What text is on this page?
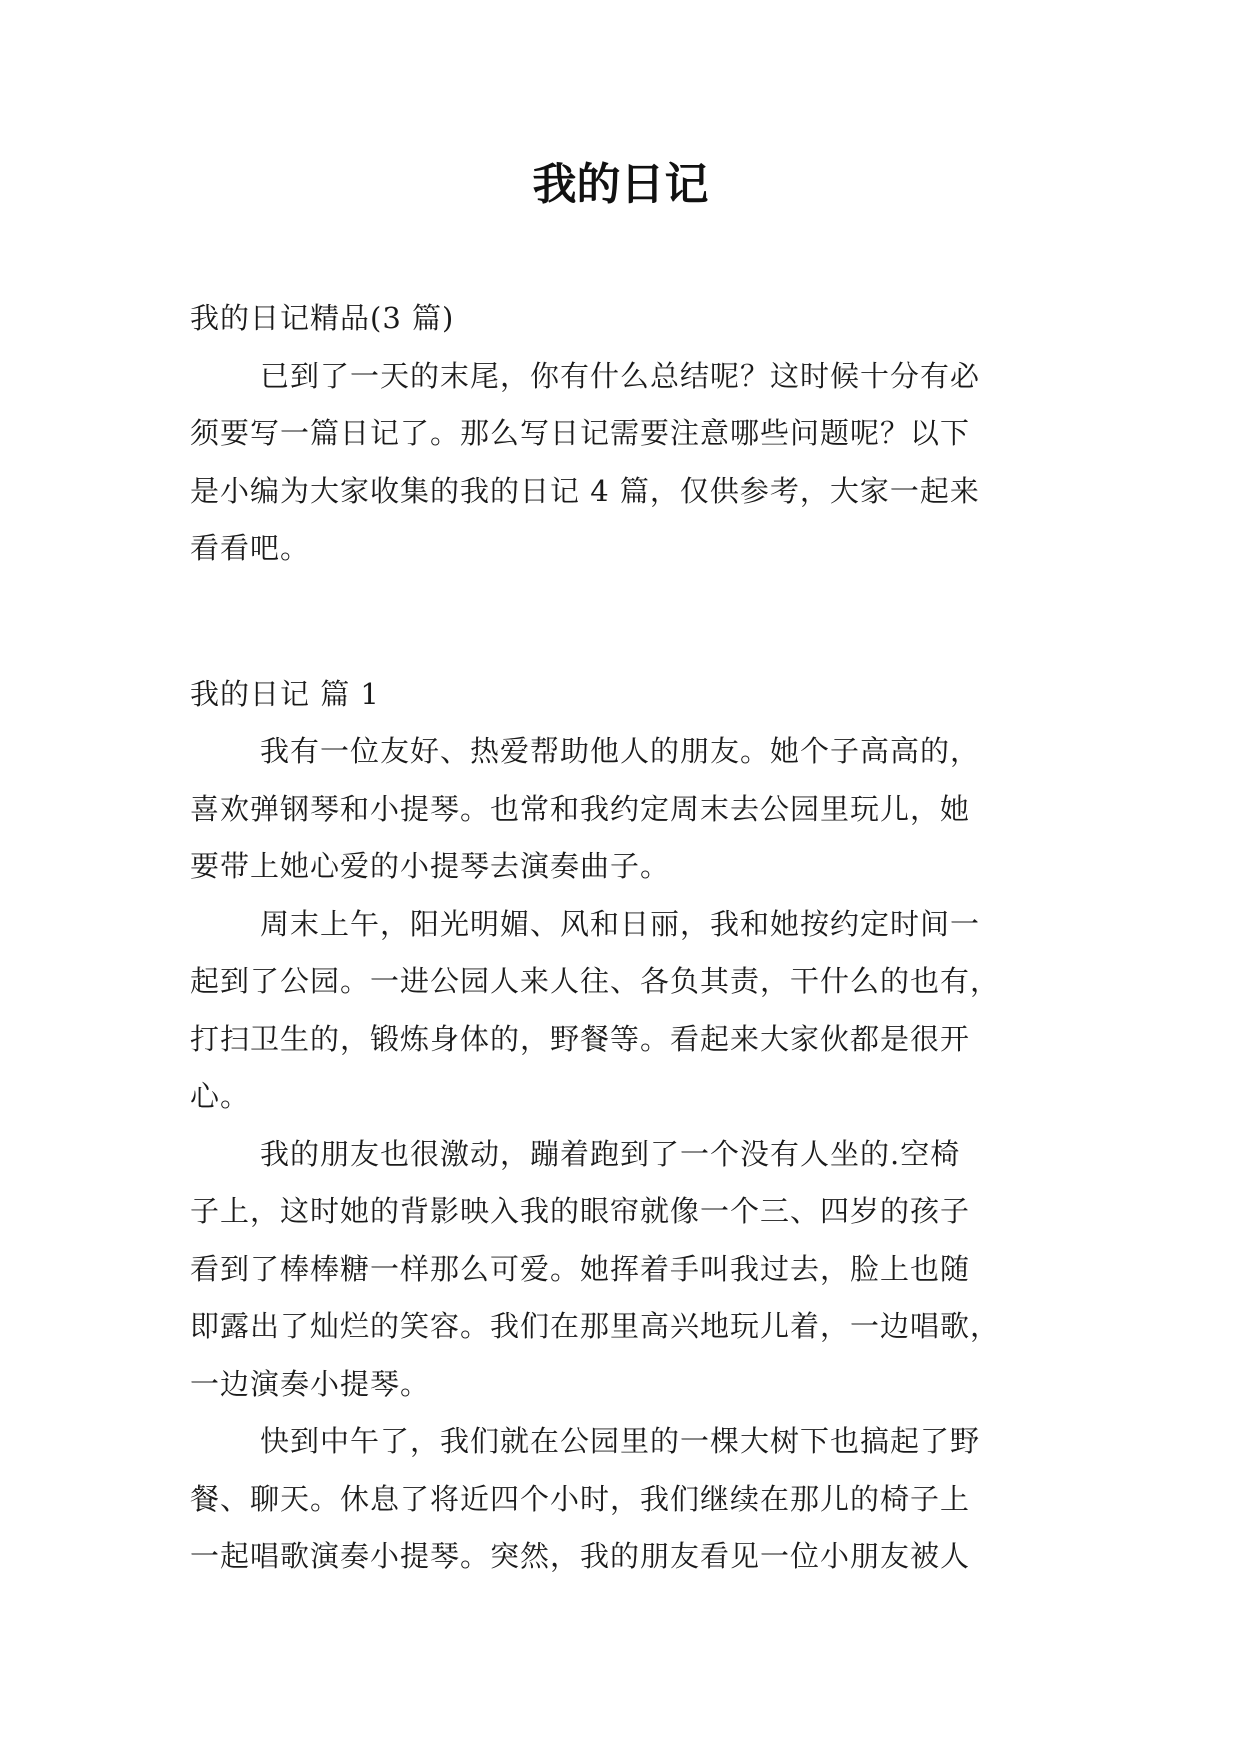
我的日记

我的日记精品(3 篇)

已到了一天的末尾，你有什么总结呢？这时候十分有必

须要写一篇日记了。那么写日记需要注意哪些问题呢？以下

是小编为大家收集的我的日记 4 篇，仅供参考，大家一起来

看看吧。

我的日记 篇 1

我有一位友好、热爱帮助他人的朋友。她个子高高的，

喜欢弹钢琴和小提琴。也常和我约定周末去公园里玩儿，她

要带上她心爱的小提琴去演奏曲子。

周末上午，阳光明媚、风和日丽，我和她按约定时间一

起到了公园。一进公园人来人往、各负其责，干什么的也有，

打扫卫生的，锻炼身体的，野餐等。看起来大家伙都是很开

心。

我的朋友也很激动，蹦着跑到了一个没有人坐的.空椅

子上，这时她的背影映入我的眼帘就像一个三、四岁的孩子

看到了棒棒糖一样那么可爱。她挥着手叫我过去，脸上也随

即露出了灿烂的笑容。我们在那里高兴地玩儿着，一边唱歌，

一边演奏小提琴。

快到中午了，我们就在公园里的一棵大树下也搞起了野

餐、聊天。休息了将近四个小时，我们继续在那儿的椅子上

一起唱歌演奏小提琴。突然，我的朋友看见一位小朋友被人
